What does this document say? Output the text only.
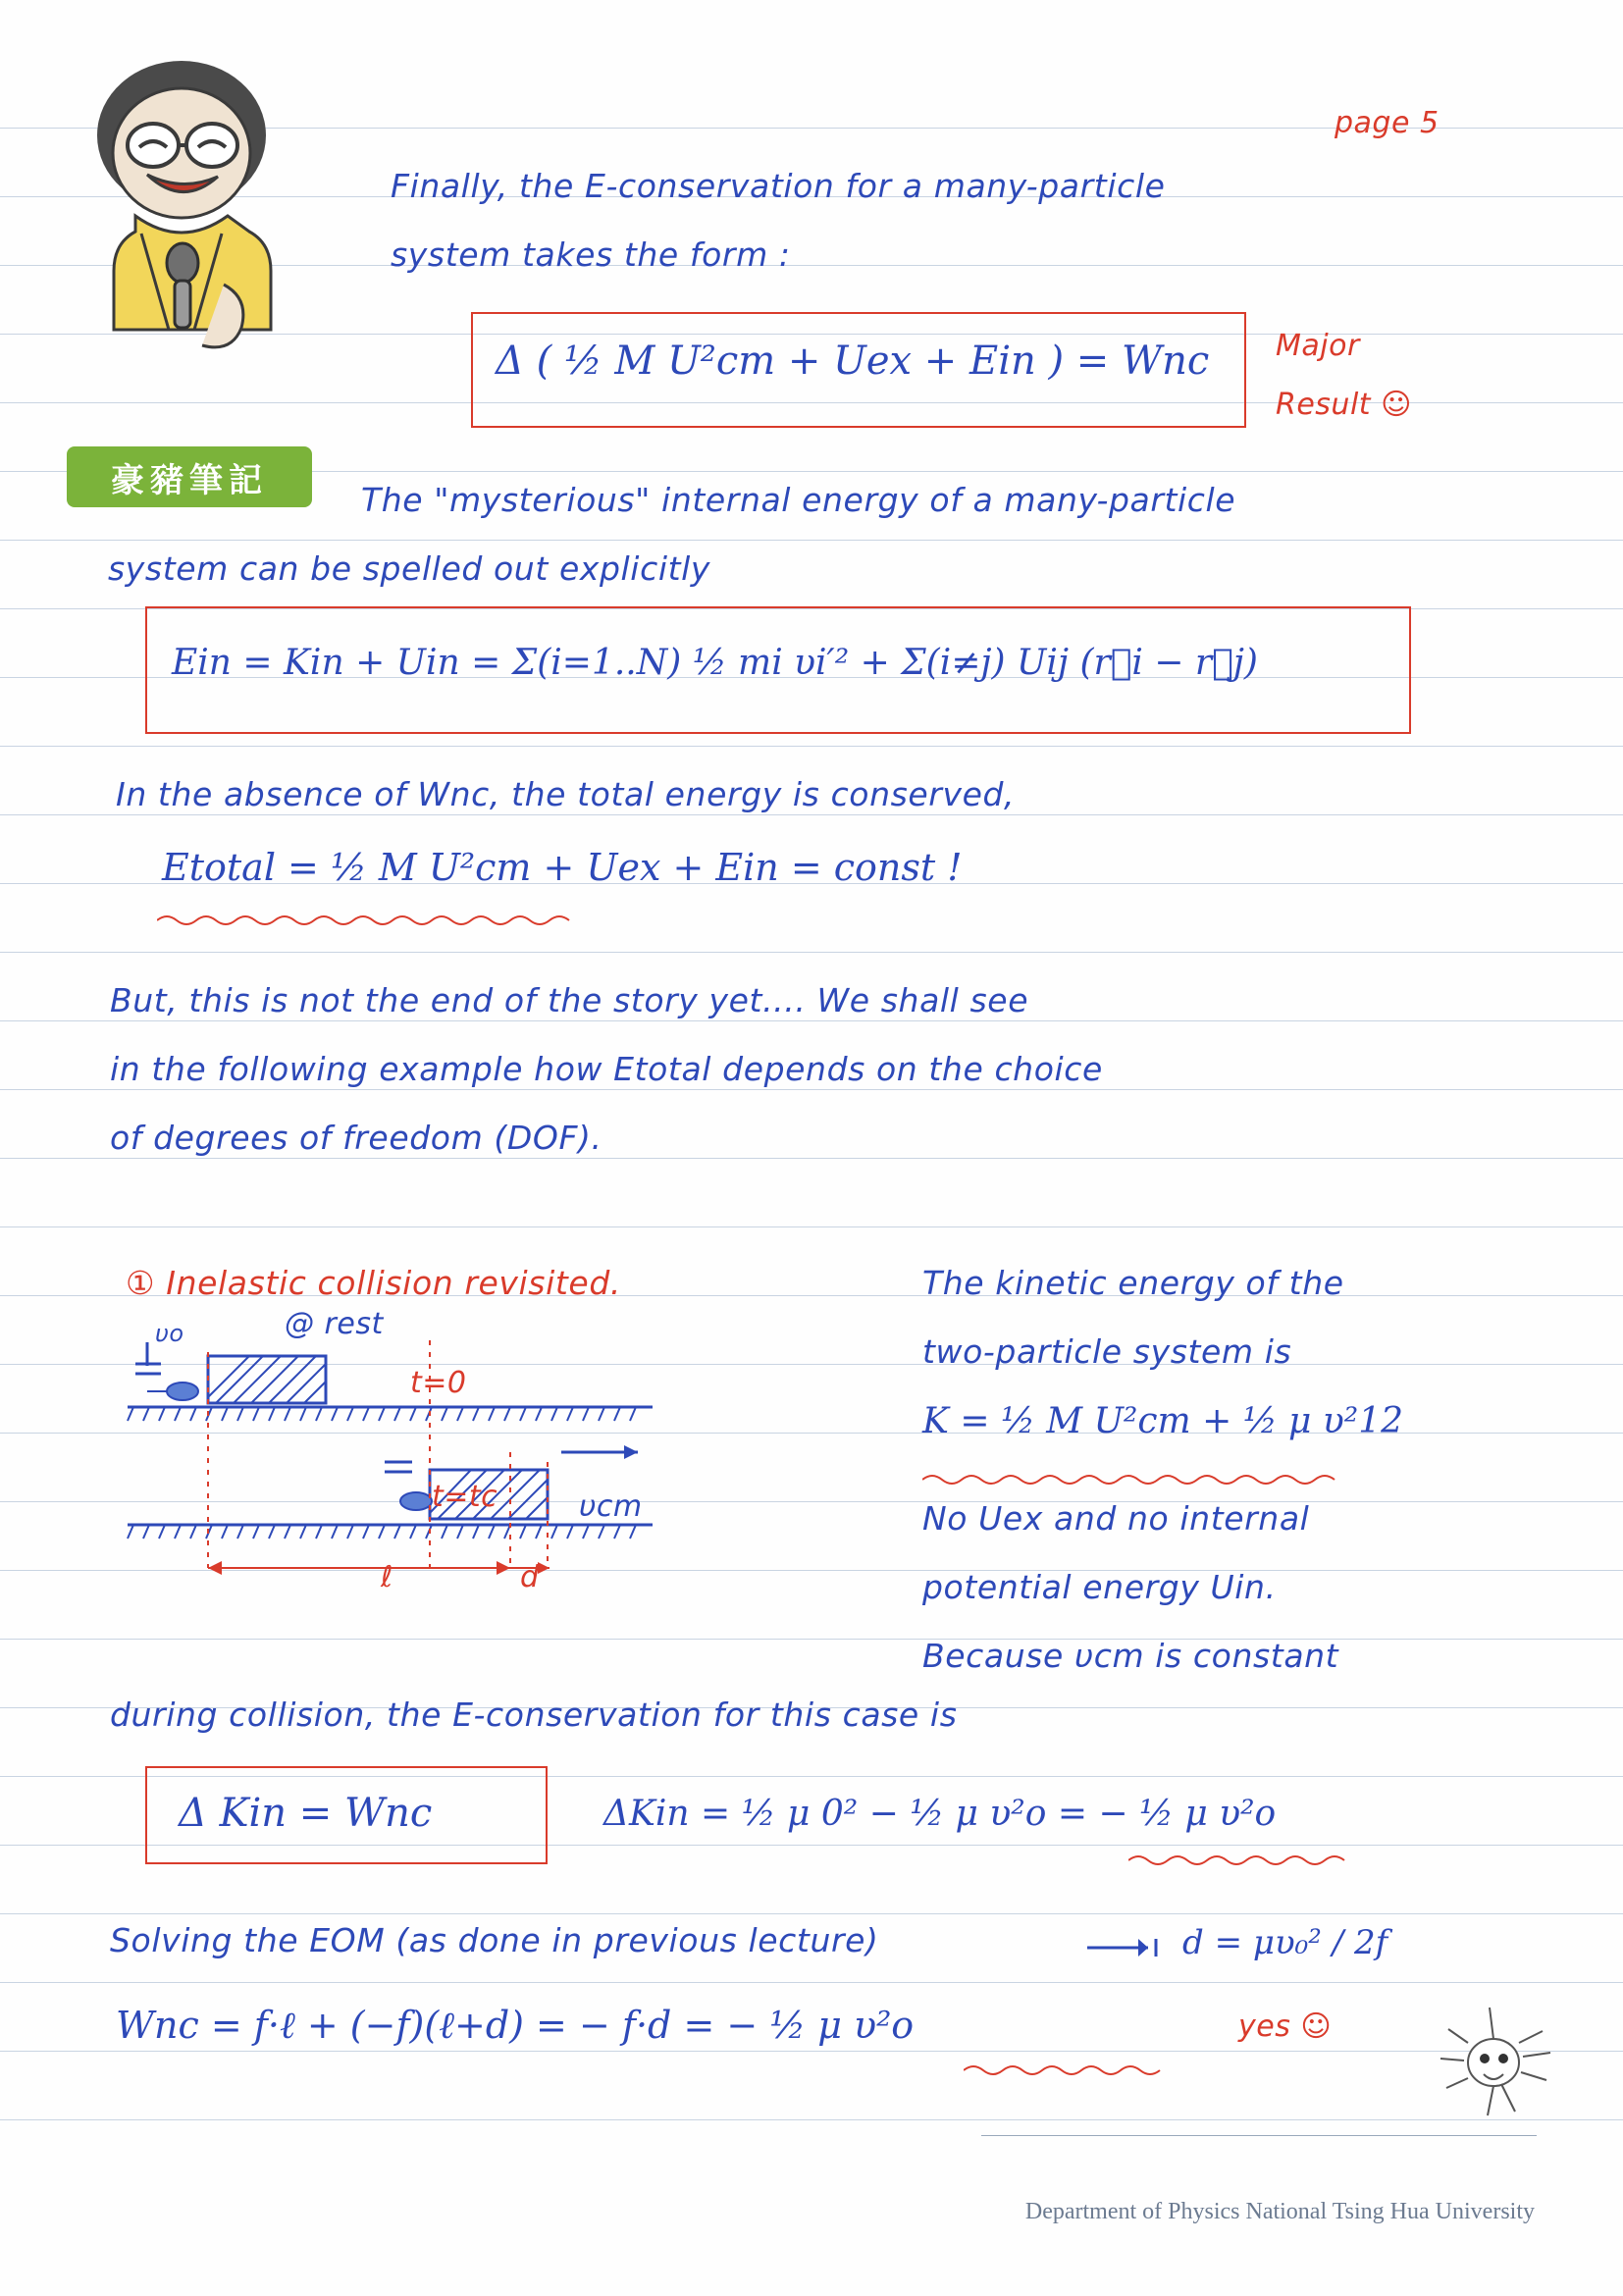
豪豬筆記
page 5
Finally, the E-conservation for a many-particle
system takes the form :
Δ ( ½ M U²cm + Uex + Ein ) = Wnc Major
Result ☺
The "mysterious" internal energy of a many-particle
system can be spelled out explicitly
Ein = Kin + Uin = Σ(i=1..N) ½ mi υi′² + Σ(i≠j) Uij (r⃗i − r⃗j)
In the absence of Wnc, the total energy is conserved,
Etotal = ½ M U²cm + Uex + Ein = const !
But, this is not the end of the story yet.... We shall see
in the following example how Etotal depends on the choice
of degrees of freedom (DOF).
① Inelastic collision revisited.	The kinetic energy of the
two-particle system is
K = ½ M U²cm + ½ μ υ²12
No Uex and no internal
potential energy Uin.
Because υcm is constant
υo	@ rest
t=0
t=tc	υcm
ℓ	d
during collision, the E-conservation for this case is
Δ Kin = Wnc	ΔKin = ½ μ 0² − ½ μ υ²o = − ½ μ υ²o
Solving the EOM (as done in previous lecture)	d = μυ₀² / 2f
Wnc = f·ℓ + (−f)(ℓ+d) = − f·d = − ½ μ υ²o	yes ☺
Department of Physics National Tsing Hua University
